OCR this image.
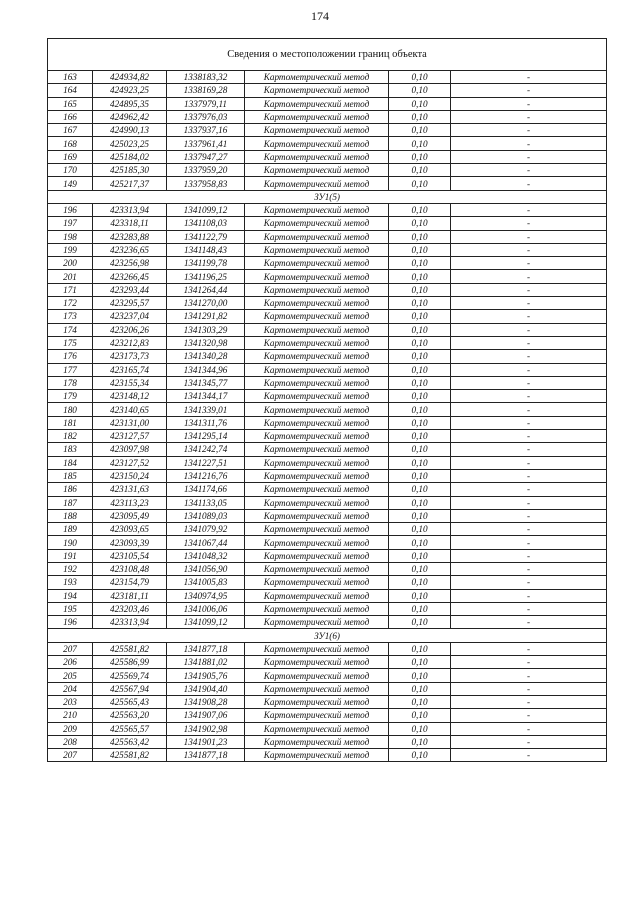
174
Сведения о местоположении границ объекта					
163	424934,82	1338183,32	Картометрический метод	0,10	-
164	424923,25	1338169,28	Картометрический метод	0,10	-
165	424895,35	1337979,11	Картометрический метод	0,10	-
166	424962,42	1337976,03	Картометрический метод	0,10	-
167	424990,13	1337937,16	Картометрический метод	0,10	-
168	425023,25	1337961,41	Картометрический метод	0,10	-
169	425184,02	1337947,27	Картометрический метод	0,10	-
170	425185,30	1337959,20	Картометрический метод	0,10	-
149	425217,37	1337958,83	Картометрический метод	0,10	-
ЗУ1(5)					
196	423313,94	1341099,12	Картометрический метод	0,10	-
197	423318,11	1341108,03	Картометрический метод	0,10	-
198	423283,88	1341122,79	Картометрический метод	0,10	-
199	423236,65	1341148,43	Картометрический метод	0,10	-
200	423256,98	1341199,78	Картометрический метод	0,10	-
201	423266,45	1341196,25	Картометрический метод	0,10	-
171	423293,44	1341264,44	Картометрический метод	0,10	-
172	423295,57	1341270,00	Картометрический метод	0,10	-
173	423237,04	1341291,82	Картометрический метод	0,10	-
174	423206,26	1341303,29	Картометрический метод	0,10	-
175	423212,83	1341320,98	Картометрический метод	0,10	-
176	423173,73	1341340,28	Картометрический метод	0,10	-
177	423165,74	1341344,96	Картометрический метод	0,10	-
178	423155,34	1341345,77	Картометрический метод	0,10	-
179	423148,12	1341344,17	Картометрический метод	0,10	-
180	423140,65	1341339,01	Картометрический метод	0,10	-
181	423131,00	1341311,76	Картометрический метод	0,10	-
182	423127,57	1341295,14	Картометрический метод	0,10	-
183	423097,98	1341242,74	Картометрический метод	0,10	-
184	423127,52	1341227,51	Картометрический метод	0,10	-
185	423150,24	1341216,76	Картометрический метод	0,10	-
186	423131,63	1341174,66	Картометрический метод	0,10	-
187	423113,23	1341133,05	Картометрический метод	0,10	-
188	423095,49	1341089,03	Картометрический метод	0,10	-
189	423093,65	1341079,92	Картометрический метод	0,10	-
190	423093,39	1341067,44	Картометрический метод	0,10	-
191	423105,54	1341048,32	Картометрический метод	0,10	-
192	423108,48	1341056,90	Картометрический метод	0,10	-
193	423154,79	1341005,83	Картометрический метод	0,10	-
194	423181,11	1340974,95	Картометрический метод	0,10	-
195	423203,46	1341006,06	Картометрический метод	0,10	-
196	423313,94	1341099,12	Картометрический метод	0,10	-
ЗУ1(6)					
207	425581,82	1341877,18	Картометрический метод	0,10	-
206	425586,99	1341881,02	Картометрический метод	0,10	-
205	425569,74	1341905,76	Картометрический метод	0,10	-
204	425567,94	1341904,40	Картометрический метод	0,10	-
203	425565,43	1341908,28	Картометрический метод	0,10	-
210	425563,20	1341907,06	Картометрический метод	0,10	-
209	425565,57	1341902,98	Картометрический метод	0,10	-
208	425563,42	1341901,23	Картометрический метод	0,10	-
207	425581,82	1341877,18	Картометрический метод	0,10	-
